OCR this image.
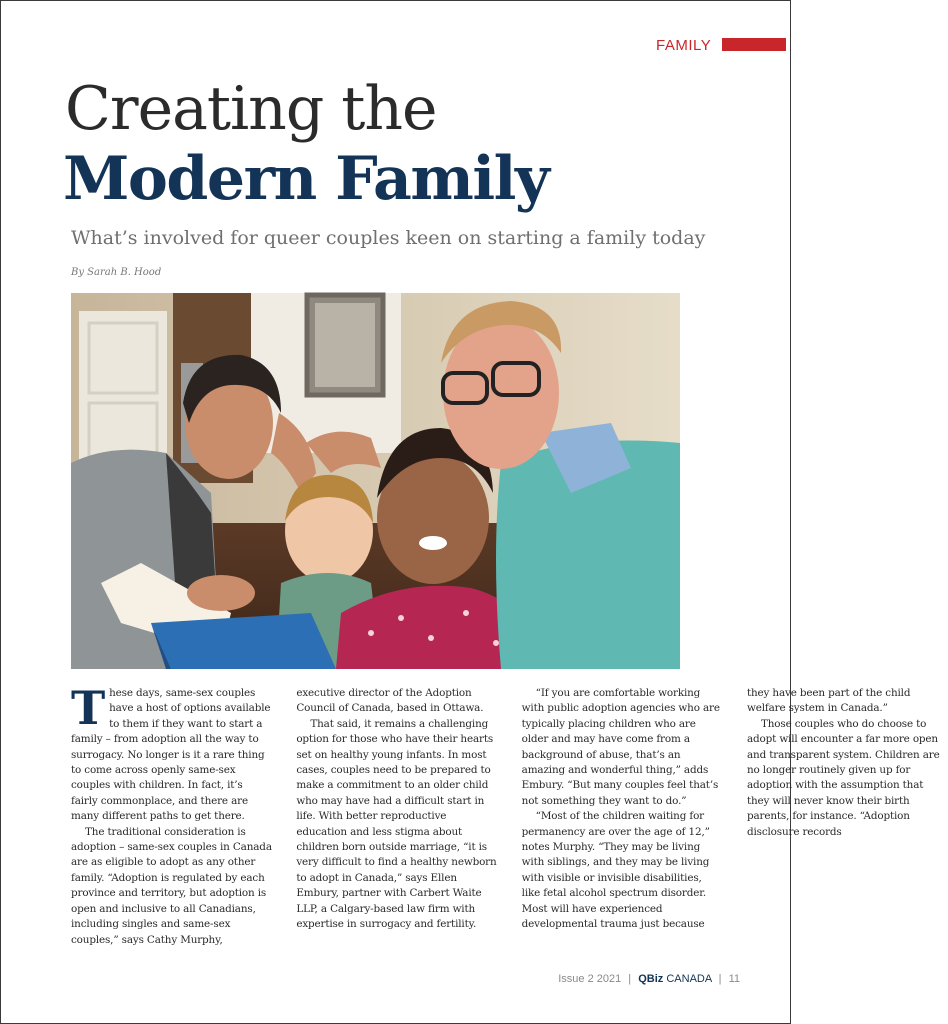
FAMILY
Creating the
Modern Family
What’s involved for queer couples keen on starting a family today
By Sarah B. Hood

These days, same-sex couples have a host of options available to them if they want to start a family – from adoption all the way to surrogacy. No longer is it a rare thing to come across openly same-sex couples with children. In fact, it’s fairly commonplace, and there are many different paths to get there.

The traditional consideration is adoption – same-sex couples in Canada are as eligible to adopt as any other family. “Adoption is regulated by each province and territory, but adoption is open and inclusive to all Canadians, including singles and same-sex couples,” says Cathy Murphy, executive director of the Adoption Council of Canada, based in Ottawa.

That said, it remains a challenging option for those who have their hearts set on healthy young infants. In most cases, couples need to be prepared to make a commitment to an older child who may have had a difficult start in life. With better reproductive education and less stigma about children born outside marriage, “it is very difficult to find a healthy newborn to adopt in Canada,” says Ellen Embury, partner with Carbert Waite LLP, a Calgary-based law firm with expertise in surrogacy and fertility.

“If you are comfortable working with public adoption agencies who are typically placing children who are older and may have come from a background of abuse, that’s an amazing and wonderful thing,” adds Embury. “But many couples feel that’s not something they want to do.”

“Most of the children waiting for permanency are over the age of 12,” notes Murphy. “They may be living with siblings, and they may be living with visible or invisible disabilities, like fetal alcohol spectrum disorder. Most will have experienced developmental trauma just because they have been part of the child welfare system in Canada.”

Those couples who do choose to adopt will encounter a far more open and transparent system. Children are no longer routinely given up for adoption with the assumption that they will never know their birth parents, for instance. “Adoption disclosure records

Issue 2 2021 | QBiz CANADA | 11
